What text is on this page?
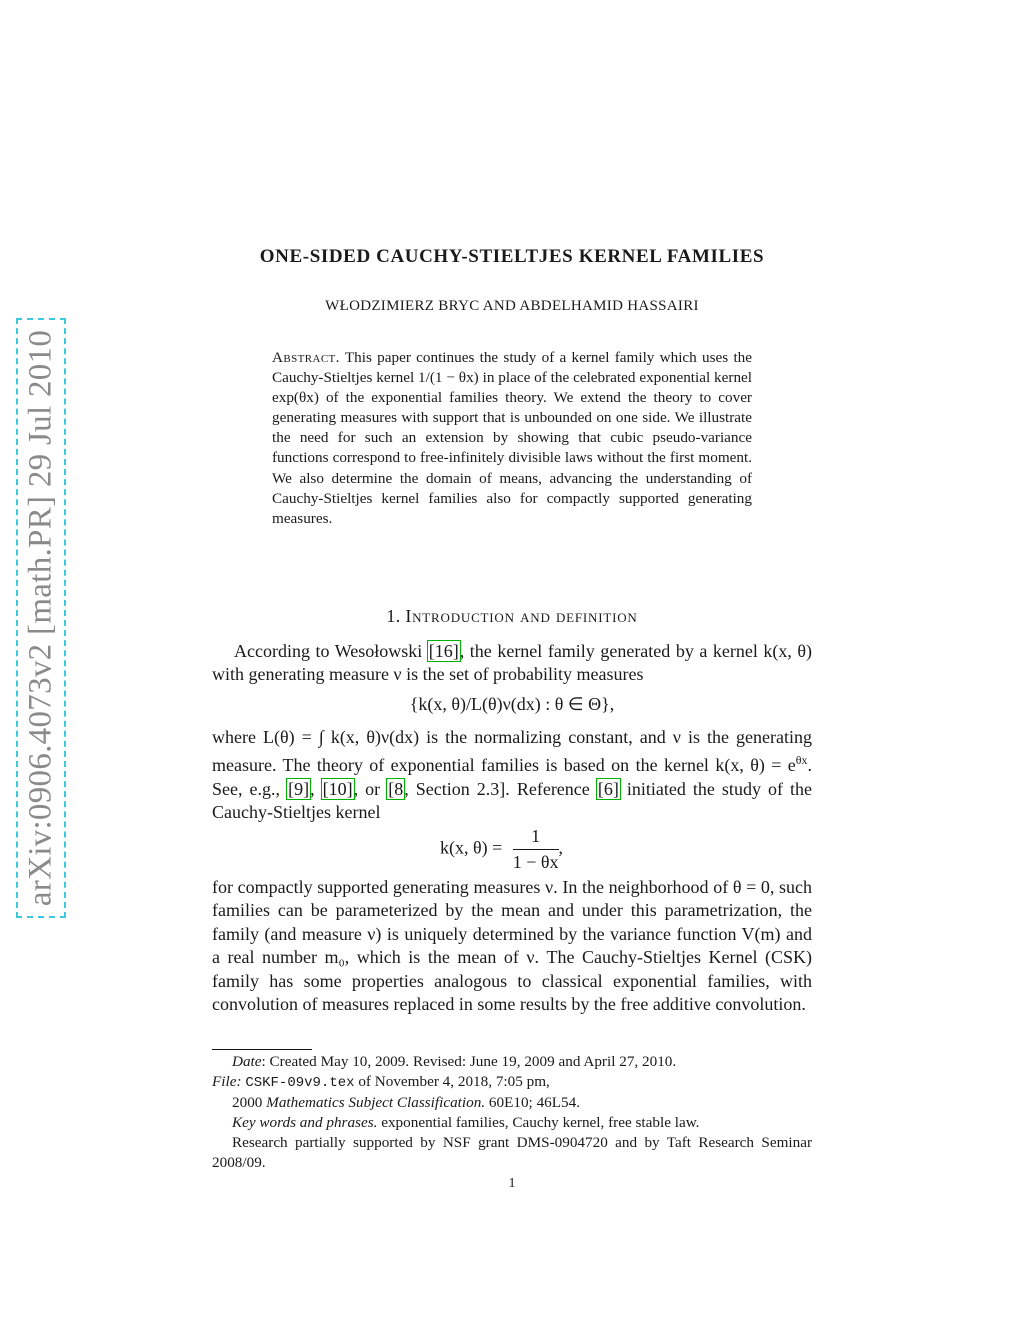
arXiv:0906.4073v2 [math.PR] 29 Jul 2010
ONE-SIDED CAUCHY-STIELTJES KERNEL FAMILIES
WŁODZIMIERZ BRYC AND ABDELHAMID HASSAIRI
Abstract. This paper continues the study of a kernel family which uses the Cauchy-Stieltjes kernel 1/(1 − θx) in place of the celebrated exponential kernel exp(θx) of the exponential families theory. We extend the theory to cover generating measures with support that is unbounded on one side. We illustrate the need for such an extension by showing that cubic pseudo-variance functions correspond to free-infinitely divisible laws without the first moment. We also determine the domain of means, advancing the understanding of Cauchy-Stieltjes kernel families also for compactly supported generating measures.
1. Introduction and definition
According to Wesołowski [16], the kernel family generated by a kernel k(x, θ) with generating measure ν is the set of probability measures
{k(x, θ)/L(θ)ν(dx) : θ ∈ Θ},
where L(θ) = ∫ k(x, θ)ν(dx) is the normalizing constant, and ν is the generating measure. The theory of exponential families is based on the kernel k(x, $\theta) = e^{\theta x}$. See, e.g., [9], [10], or [8, Section 2.3]. Reference [6] initiated the study of the Cauchy-Stieltjes kernel
k(x, $\theta) = \frac{1}{1 - \theta x}$ ,
for compactly supported generating measures ν. In the neighborhood of θ = 0, such families can be parameterized by the mean and under this parametrization, the family (and measure ν) is uniquely determined by the variance function V(m) and a real number m₀, which is the mean of ν. The Cauchy-Stieltjes Kernel (CSK) family has some properties analogous to classical exponential families, with convolution of measures replaced in some results by the free additive convolution.
Date: Created May 10, 2009. Revised: June 19, 2009 and April 27, 2010.
File: CSKF-09v9.tex of November 4, 2018, 7:05 pm,
2000 Mathematics Subject Classification. 60E10; 46L54.
Key words and phrases. exponential families, Cauchy kernel, free stable law.
Research partially supported by NSF grant DMS-0904720 and by Taft Research Seminar 2008/09.
1
